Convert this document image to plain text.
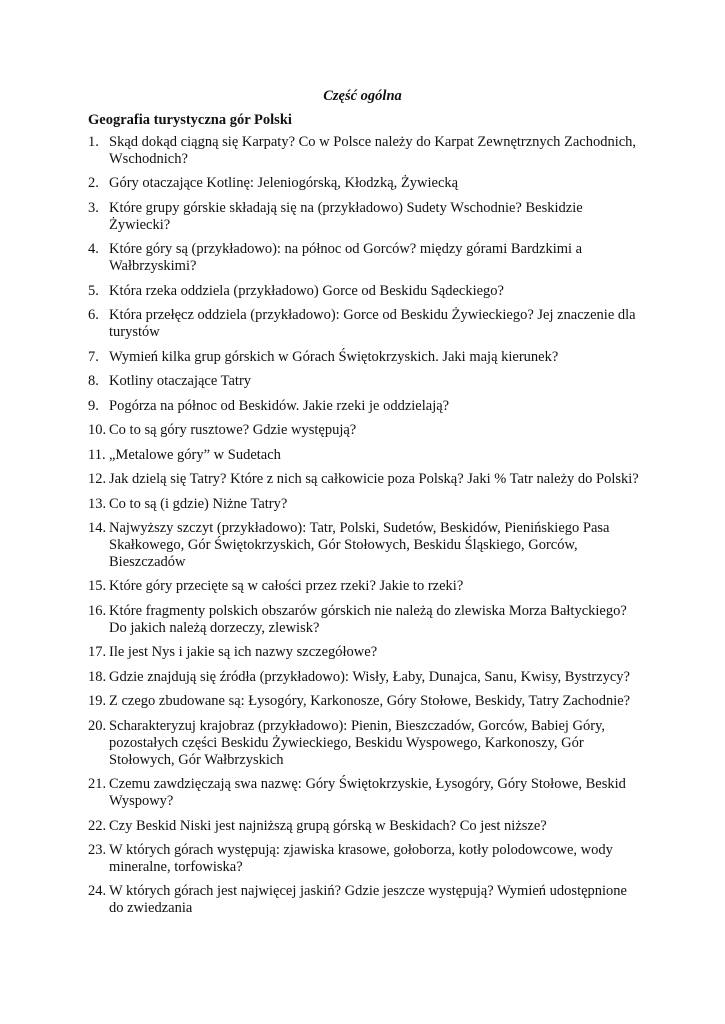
Część ogólna
Geografia turystyczna gór Polski
1. Skąd dokąd ciągną się Karpaty? Co w Polsce należy do Karpat Zewnętrznych Zachodnich, Wschodnich?
2. Góry otaczające Kotlinę: Jeleniogórską, Kłodzką, Żywiecką
3. Które grupy górskie składają się na (przykładowo) Sudety Wschodnie? Beskidzie Żywiecki?
4. Które góry są (przykładowo): na północ od Gorców? między górami Bardzkimi a Wałbrzyskimi?
5. Która rzeka oddziela (przykładowo) Gorce od Beskidu Sądeckiego?
6. Która przełęcz oddziela (przykładowo): Gorce od Beskidu Żywieckiego? Jej znaczenie dla turystów
7. Wymień kilka grup górskich w Górach Świętokrzyskich. Jaki mają kierunek?
8. Kotliny otaczające Tatry
9. Pogórza na północ od Beskidów. Jakie rzeki je oddzielają?
10. Co to są góry rusztowe? Gdzie występują?
11. „Metalowe góry” w Sudetach
12. Jak dzielą się Tatry? Które z nich są całkowicie poza Polską? Jaki % Tatr należy do Polski?
13. Co to są (i gdzie) Niżne Tatry?
14. Najwyższy szczyt (przykładowo): Tatr, Polski, Sudetów, Beskidów, Pienińskiego Pasa Skałkowego, Gór Świętokrzyskich, Gór Stołowych, Beskidu Śląskiego, Gorców, Bieszczadów
15. Które góry przecięte są w całości przez rzeki? Jakie to rzeki?
16. Które fragmenty polskich obszarów górskich nie należą do zlewiska Morza Bałtyckiego? Do jakich należą dorzeczy, zlewisk?
17. Ile jest Nys i jakie są ich nazwy szczegółowe?
18. Gdzie znajdują się źródła (przykładowo): Wisły, Łaby, Dunajca, Sanu, Kwisy, Bystrzycy?
19. Z czego zbudowane są: Łysogóry, Karkonosze, Góry Stołowe, Beskidy, Tatry Zachodnie?
20. Scharakteryzuj krajobraz (przykładowo): Pienin, Bieszczadów, Gorców, Babiej Góry, pozostałych części Beskidu Żywieckiego, Beskidu Wyspowego, Karkonoszy, Gór Stołowych, Gór Wałbrzyskich
21. Czemu zawdzięczają swa nazwę: Góry Świętokrzyskie, Łysogóry, Góry Stołowe, Beskid Wyspowy?
22. Czy Beskid Niski jest najniższą grupą górską w Beskidach? Co jest niższe?
23. W których górach występują: zjawiska krasowe, gołoborza, kotły polodowcowe, wody mineralne, torfowiska?
24. W których górach jest najwięcej jaskiń? Gdzie jeszcze występują? Wymień udostępnione do zwiedzania
